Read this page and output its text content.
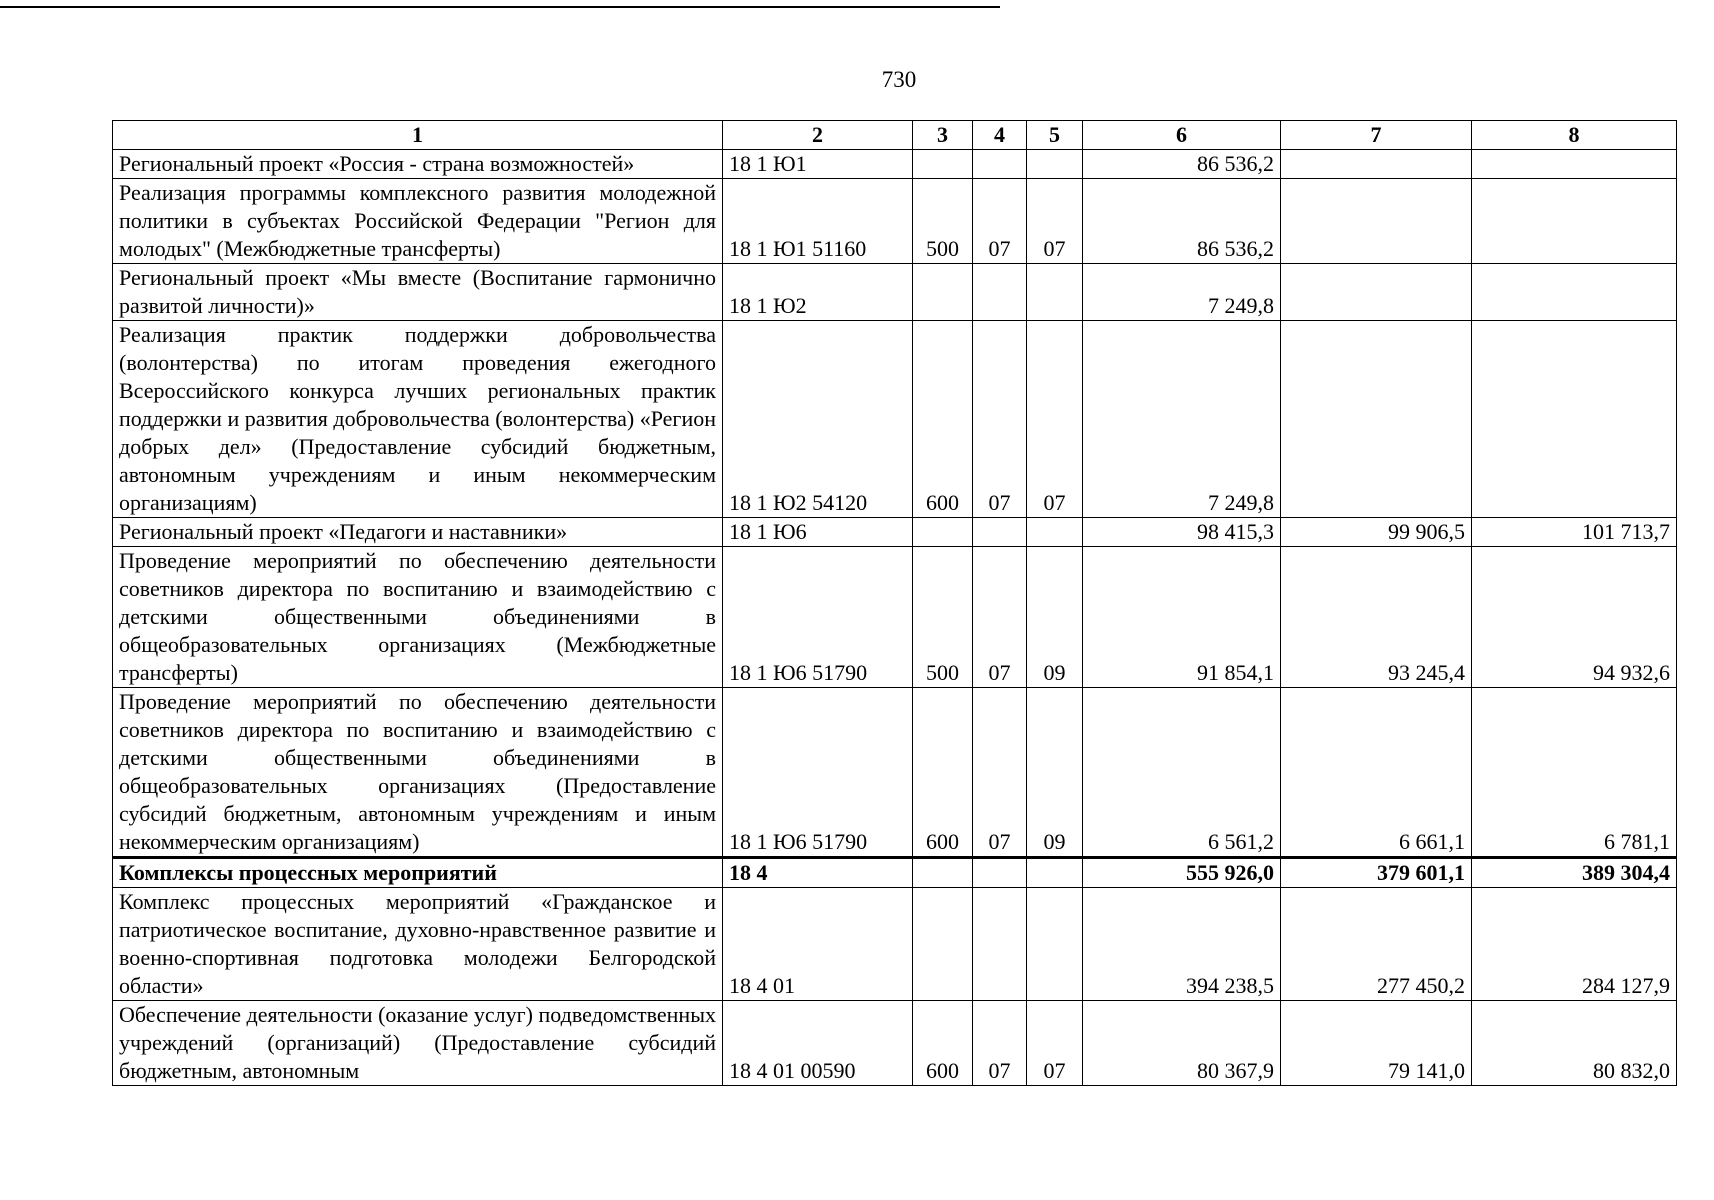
730
1	2	3	4	5	6	7	8
Региональный проект «Россия - страна возможностей»	18 1 Ю1				86 536,2		
Реализация программы комплексного развития молодежной политики в субъектах Российской Федерации "Регион для молодых" (Межбюджетные трансферты)	18 1 Ю1 51160	500	07	07	86 536,2		
Региональный проект «Мы вместе (Воспитание гармонично развитой личности)»	18 1 Ю2				7 249,8		
Реализация практик поддержки добровольчества (волонтерства) по итогам проведения ежегодного Всероссийского конкурса лучших региональных практик поддержки и развития добровольчества (волонтерства) «Регион добрых дел» (Предоставление субсидий бюджетным, автономным учреждениям и иным некоммерческим организациям)	18 1 Ю2 54120	600	07	07	7 249,8		
Региональный проект «Педагоги и наставники»	18 1 Ю6				98 415,3	99 906,5	101 713,7
Проведение мероприятий по обеспечению деятельности советников директора по воспитанию и взаимодействию с детскими общественными объединениями в общеобразовательных организациях (Межбюджетные трансферты)	18 1 Ю6 51790	500	07	09	91 854,1	93 245,4	94 932,6
Проведение мероприятий по обеспечению деятельности советников директора по воспитанию и взаимодействию с детскими общественными объединениями в общеобразовательных организациях (Предоставление субсидий бюджетным, автономным учреждениям и иным некоммерческим организациям)	18 1 Ю6 51790	600	07	09	6 561,2	6 661,1	6 781,1
Комплексы процессных мероприятий	18 4				555 926,0	379 601,1	389 304,4
Комплекс процессных мероприятий «Гражданское и патриотическое воспитание, духовно-нравственное развитие и военно-спортивная подготовка молодежи Белгородской области»	18 4 01				394 238,5	277 450,2	284 127,9
Обеспечение деятельности (оказание услуг) подведомственных учреждений (организаций) (Предоставление субсидий бюджетным, автономным	18 4 01 00590	600	07	07	80 367,9	79 141,0	80 832,0
